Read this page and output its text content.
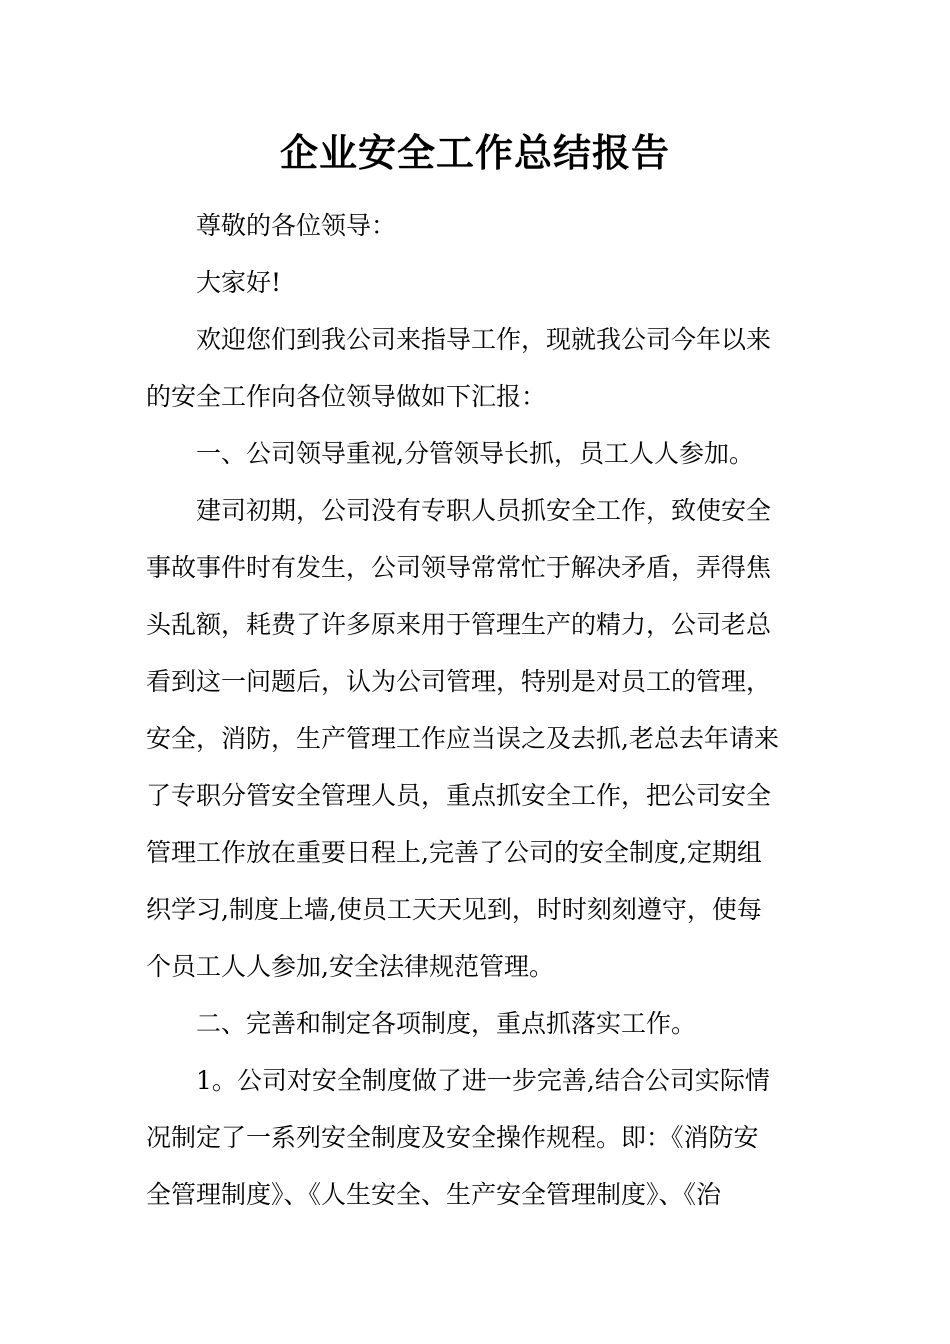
企业安全工作总结报告

尊敬的各位领导：

大家好!

欢迎您们到我公司来指导工作，现就我公司今年以来

的安全工作向各位领导做如下汇报：

一、公司领导重视,分管领导长抓，员工人人参加。

建司初期，公司没有专职人员抓安全工作，致使安全

事故事件时有发生，公司领导常常忙于解决矛盾，弄得焦

头乱额，耗费了许多原来用于管理生产的精力，公司老总

看到这一问题后，认为公司管理，特别是对员工的管理，

安全，消防，生产管理工作应当误之及去抓,老总去年请来

了专职分管安全管理人员，重点抓安全工作，把公司安全

管理工作放在重要日程上,完善了公司的安全制度,定期组

织学习,制度上墙,使员工天天见到，时时刻刻遵守，使每

个员工人人参加,安全法律规范管理。

二、完善和制定各项制度，重点抓落实工作。

1。公司对安全制度做了进一步完善,结合公司实际情

况制定了一系列安全制度及安全操作规程。即：《消防安

全管理制度》、《人生安全、生产安全管理制度》、《治
